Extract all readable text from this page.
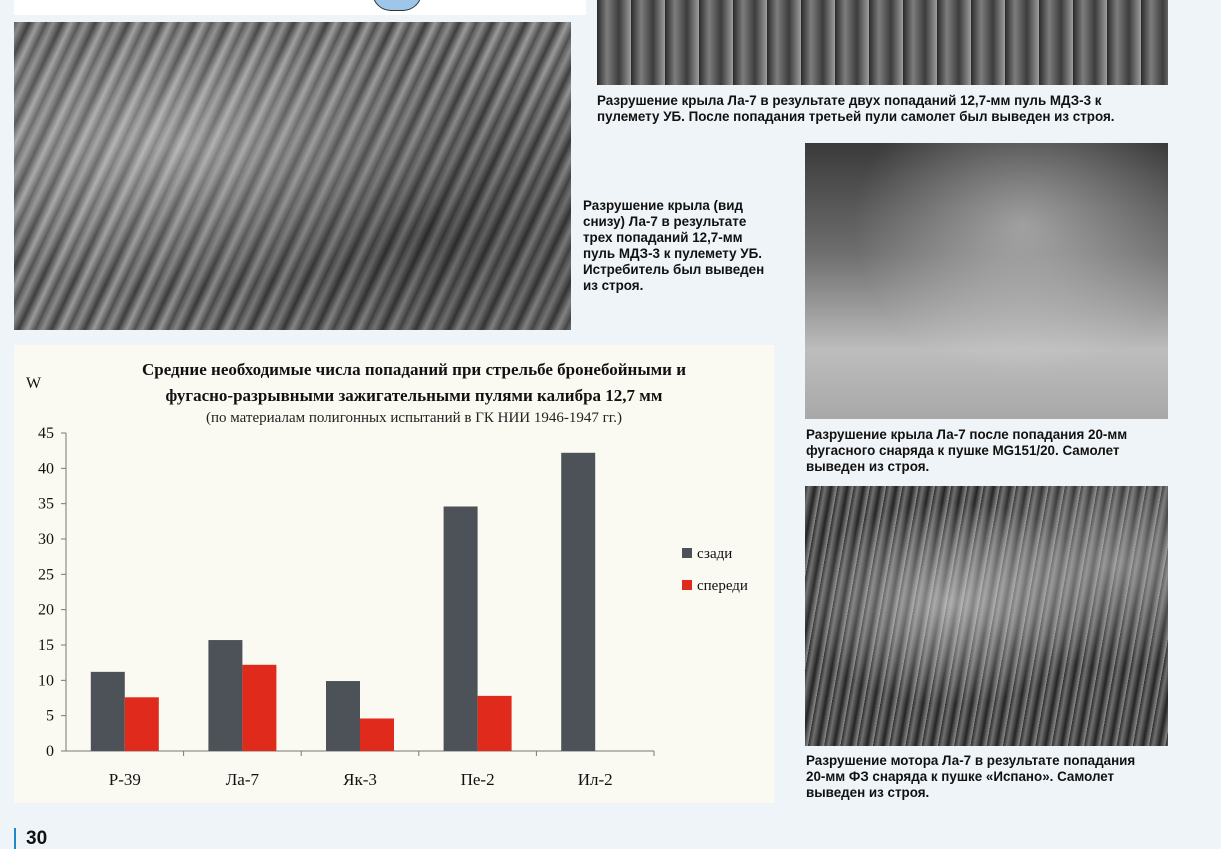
Разрушение крыла Ла-7 в результате двух попаданий 12,7-мм пуль МДЗ-3 к пулемету УБ. После попадания третьей пули самолет был выведен из строя.

Разрушение крыла (вид снизу) Ла-7 в результате трех попаданий 12,7-мм пуль МДЗ-3 к пулемету УБ. Истребитель был выведен из строя.

Разрушение крыла Ла-7 после попадания 20-мм фугасного снаряда к пушке MG151/20. Самолет выведен из строя.

Разрушение мотора Ла-7 в результате попадания 20-мм ФЗ снаряда к пушке «Испано». Самолет выведен из строя.

Средние необходимые числа попаданий при стрельбе бронебойными и
фугасно-разрывными зажигательными пулями калибра 12,7 мм
(по материалам полигонных испытаний в ГК НИИ 1946-1947 гг.)
W
0
5
10
15
20
25
30
35
40
45
Р-39	Ла-7	Як-3	Пе-2	Ил-2
сзади
спереди
30
